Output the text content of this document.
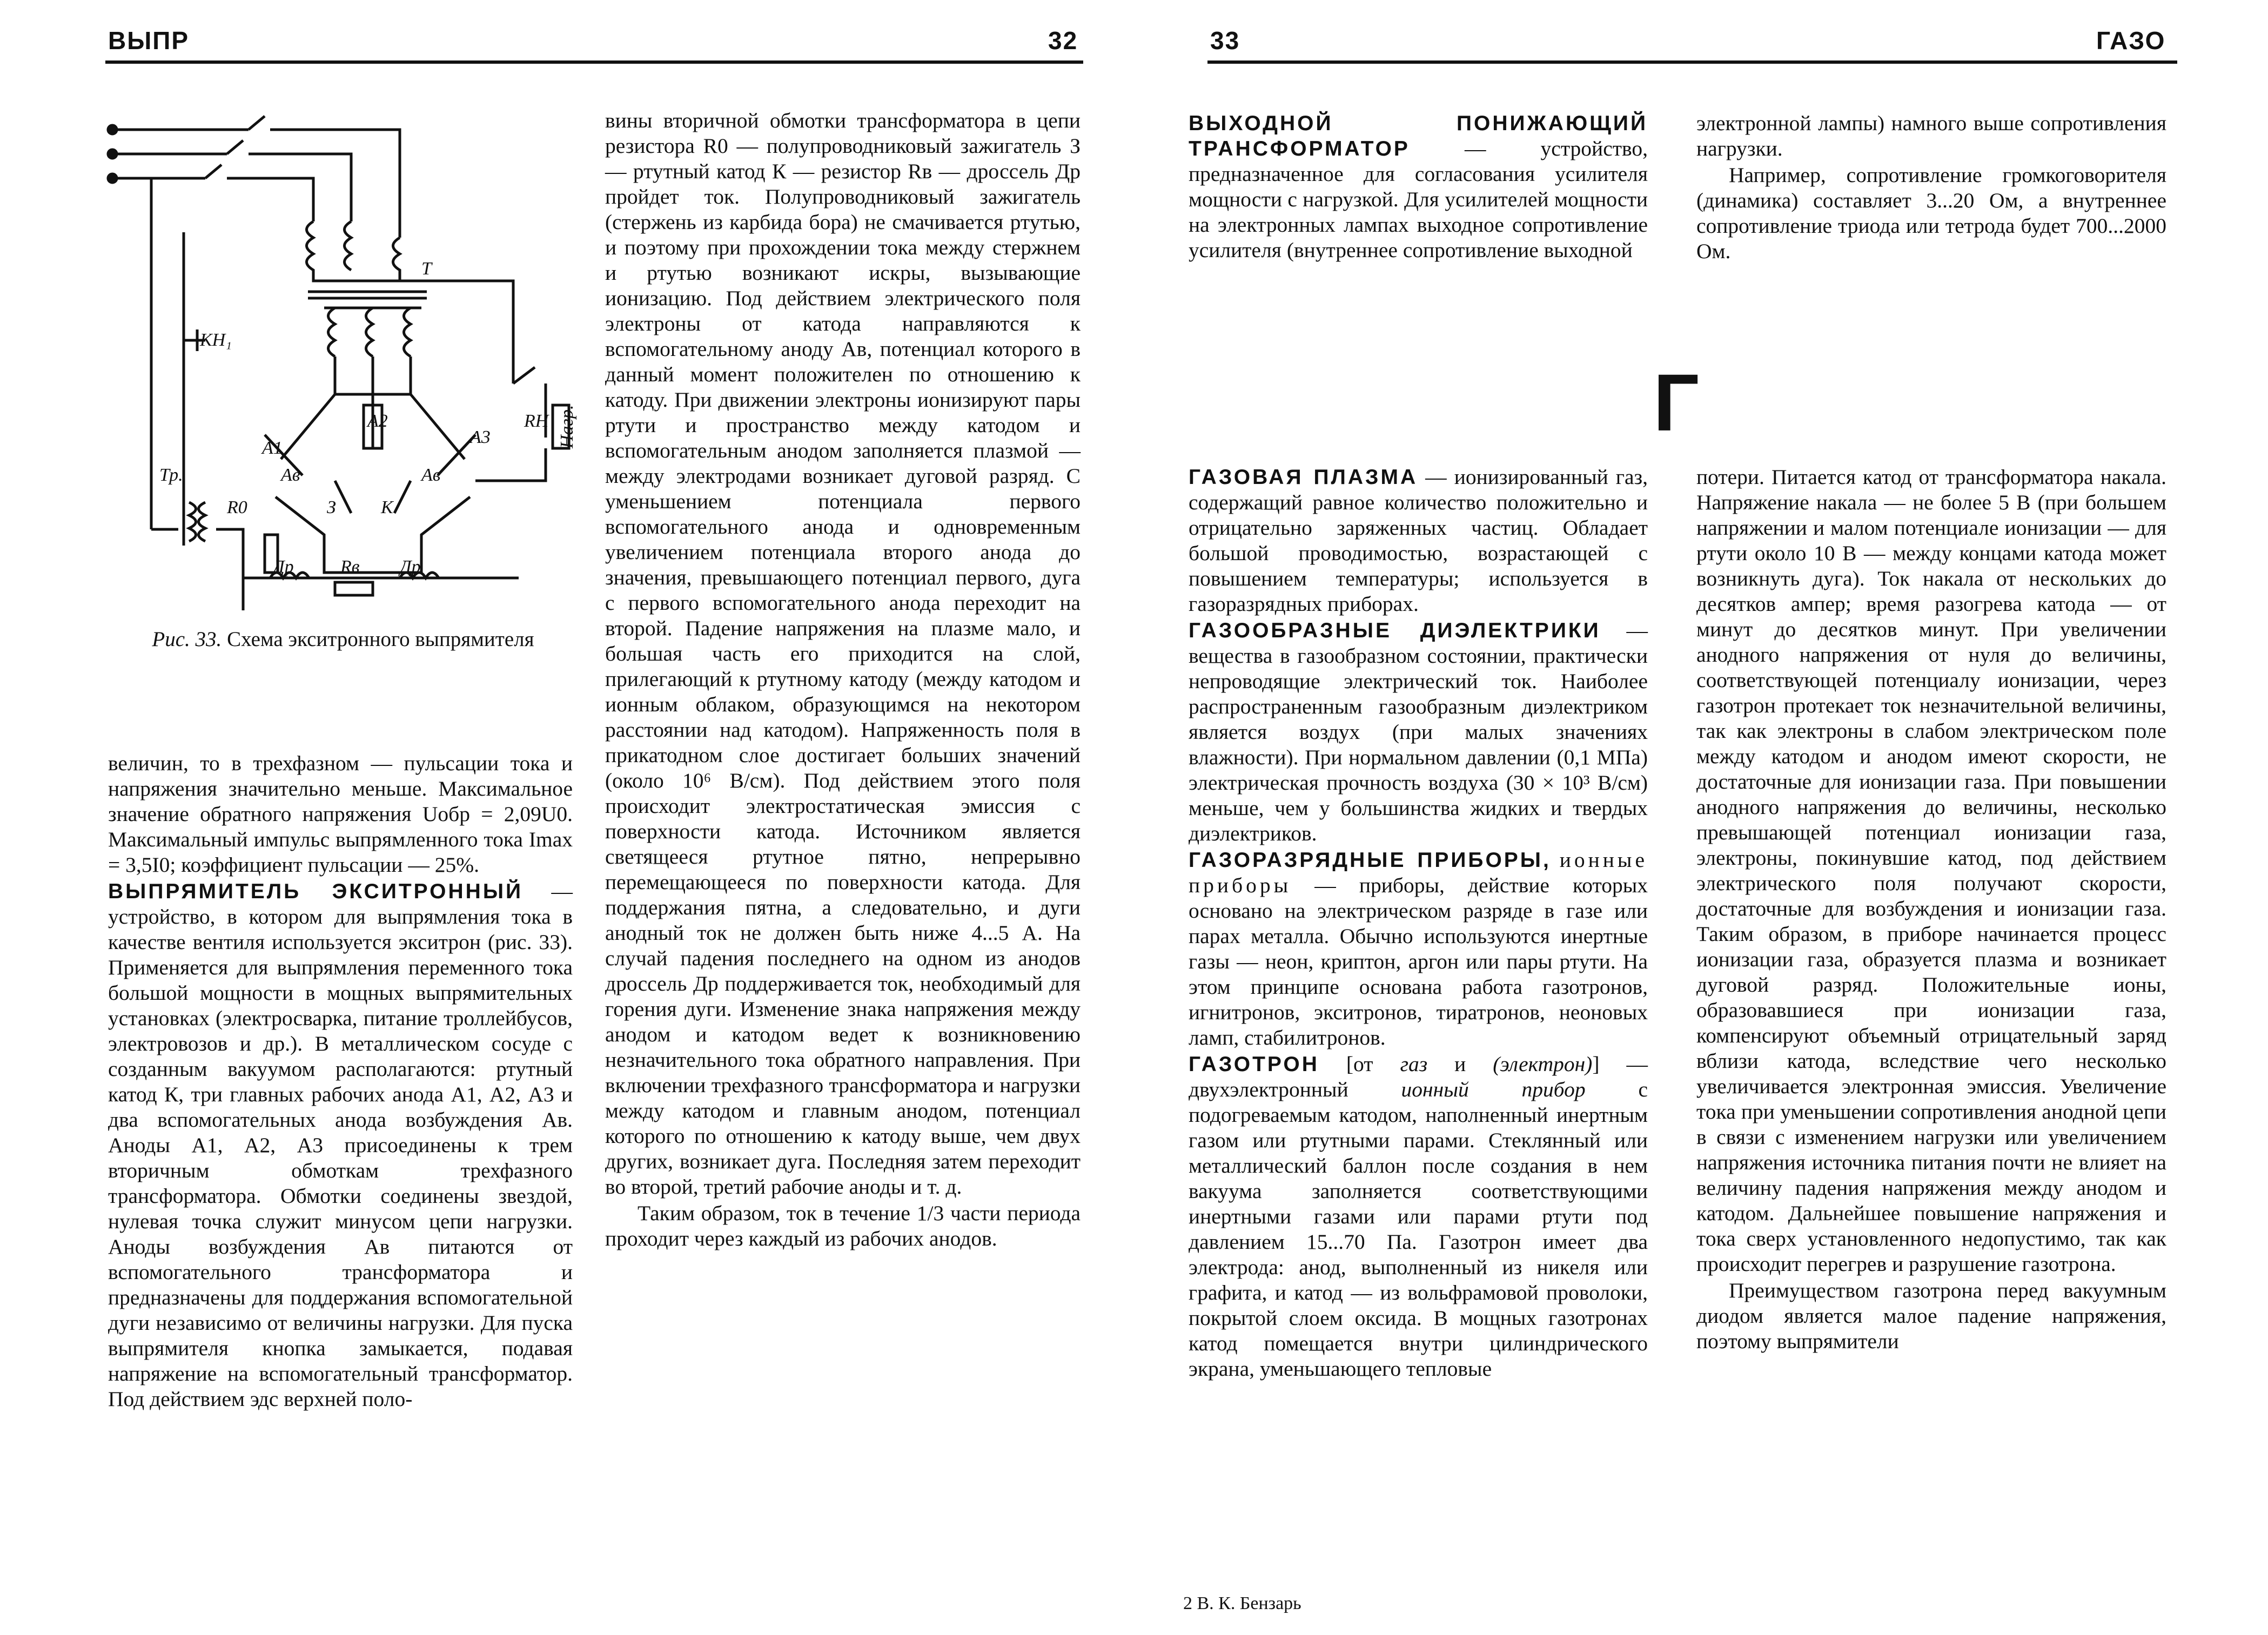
ВЫПР	32	33	ГАЗО
Т
КН₁
Тр.
А1
А2
А3
Ав	Ав
R0	З К
Др	Rв Др
RН Нагр.
Рис. 33. Схема экситронного выпрямителя

величин, то в трехфазном — пульсации тока и напряжения значительно меньше. Максимальное значение обратного напряжения Uобр = 2,09U0. Максимальный импульс выпрямленного тока Imax = 3,5I0; коэффициент пульсации — 25%.

ВЫПРЯМИТЕЛЬ ЭКСИТРОННЫЙ — устройство, в котором для выпрямления тока в качестве вентиля используется экситрон (рис. 33). Применяется для выпрямления переменного тока большой мощности в мощных выпрямительных установках (электросварка, питание троллейбусов, электровозов и др.). В металлическом сосуде с созданным вакуумом располагаются: ртутный катод К, три главных рабочих анода А1, А2, А3 и два вспомогательных анода возбуждения Ав. Аноды А1, А2, А3 присоединены к трем вторичным обмоткам трехфазного трансформатора. Обмотки соединены звездой, нулевая точка служит минусом цепи нагрузки. Аноды возбуждения Ав питаются от вспомогательного трансформатора и предназначены для поддержания вспомогательной дуги независимо от величины нагрузки. Для пуска выпрямителя кнопка замыкается, подавая напряжение на вспомогательный трансформатор. Под действием эдс верхней поло-

вины вторичной обмотки трансформатора в цепи резистора R0 — полупроводниковый зажигатель З — ртутный катод К — резистор Rв — дроссель Др пройдет ток. Полупроводниковый зажигатель (стержень из карбида бора) не смачивается ртутью, и поэтому при прохождении тока между стержнем и ртутью возникают искры, вызывающие ионизацию. Под действием электрического поля электроны от катода направляются к вспомогательному аноду Ав, потенциал которого в данный момент положителен по отношению к катоду. При движении электроны ионизируют пары ртути и пространство между катодом и вспомогательным анодом заполняется плазмой — между электродами возникает дуговой разряд. С уменьшением потенциала первого вспомогательного анода и одновременным увеличением потенциала второго анода до значения, превышающего потенциал первого, дуга с первого вспомогательного анода переходит на второй. Падение напряжения на плазме мало, и большая часть его приходится на слой, прилегающий к ртутному катоду (между катодом и ионным облаком, образующимся на некотором расстоянии над катодом). Напряженность поля в прикатодном слое достигает больших значений (около 10⁶ В/см). Под действием этого поля происходит электростатическая эмиссия с поверхности катода. Источником является светящееся ртутное пятно, непрерывно перемещающееся по поверхности катода. Для поддержания пятна, а следовательно, и дуги анодный ток не должен быть ниже 4...5 А. На случай падения последнего на одном из анодов дроссель Др поддерживается ток, необходимый для горения дуги. Изменение знака напряжения между анодом и катодом ведет к возникновению незначительного тока обратного направления. При включении трехфазного трансформатора и нагрузки между катодом и главным анодом, потенциал которого по отношению к катоду выше, чем двух других, возникает дуга. Последняя затем переходит во второй, третий рабочие аноды и т. д.

Таким образом, ток в течение 1/3 части периода проходит через каждый из рабочих анодов.

ВЫХОДНОЙ ПОНИЖАЮЩИЙ ТРАНСФОРМАТОР — устройство, предназначенное для согласования усилителя мощности с нагрузкой. Для усилителей мощности на электронных лампах выходное сопротивление усилителя (внутреннее сопротивление выходной

электронной лампы) намного выше сопротивления нагрузки.

Например, сопротивление громкоговорителя (динамика) составляет 3...20 Ом, а внутреннее сопротивление триода или тетрода будет 700...2000 Ом.

Г

ГАЗОВАЯ ПЛАЗМА — ионизированный газ, содержащий равное количество положительно и отрицательно заряженных частиц. Обладает большой проводимостью, возрастающей с повышением температуры; используется в газоразрядных приборах.

ГАЗООБРАЗНЫЕ ДИЭЛЕКТРИКИ — вещества в газообразном состоянии, практически непроводящие электрический ток. Наиболее распространенным газообразным диэлектриком является воздух (при малых значениях влажности). При нормальном давлении (0,1 МПа) электрическая прочность воздуха (30 × 10³ В/см) меньше, чем у большинства жидких и твердых диэлектриков.

ГАЗОРАЗРЯДНЫЕ ПРИБОРЫ, ионные приборы — приборы, действие которых основано на электрическом разряде в газе или парах металла. Обычно используются инертные газы — неон, криптон, аргон или пары ртути. На этом принципе основана работа газотронов, игнитронов, экситронов, тиратронов, неоновых ламп, стабилитронов.

ГАЗОТРОН [от газ и (электрон)] — двухэлектронный ионный прибор с подогреваемым катодом, наполненный инертным газом или ртутными парами. Стеклянный или металлический баллон после создания в нем вакуума заполняется соответствующими инертными газами или парами ртути под давлением 15...70 Па. Газотрон имеет два электрода: анод, выполненный из никеля или графита, и катод — из вольфрамовой проволоки, покрытой слоем оксида. В мощных газотронах катод помещается внутри цилиндрического экрана, уменьшающего тепловые

потери. Питается катод от трансформатора накала. Напряжение накала — не более 5 В (при большем напряжении и малом потенциале ионизации — для ртути около 10 В — между концами катода может возникнуть дуга). Ток накала от нескольких до десятков ампер; время разогрева катода — от минут до десятков минут. При увеличении анодного напряжения от нуля до величины, соответствующей потенциалу ионизации, через газотрон протекает ток незначительной величины, так как электроны в слабом электрическом поле между катодом и анодом имеют скорости, не достаточные для ионизации газа. При повышении анодного напряжения до величины, несколько превышающей потенциал ионизации газа, электроны, покинувшие катод, под действием электрического поля получают скорости, достаточные для возбуждения и ионизации газа. Таким образом, в приборе начинается процесс ионизации газа, образуется плазма и возникает дуговой разряд. Положительные ионы, образовавшиеся при ионизации газа, компенсируют объемный отрицательный заряд вблизи катода, вследствие чего несколько увеличивается электронная эмиссия. Увеличение тока при уменьшении сопротивления анодной цепи в связи с изменением нагрузки или увеличением напряжения источника питания почти не влияет на величину падения напряжения между анодом и катодом. Дальнейшее повышение напряжения и тока сверх установленного недопустимо, так как происходит перегрев и разрушение газотрона.

Преимуществом газотрона перед вакуумным диодом является малое падение напряжения, поэтому выпрямители

2 В. К. Бензарь
